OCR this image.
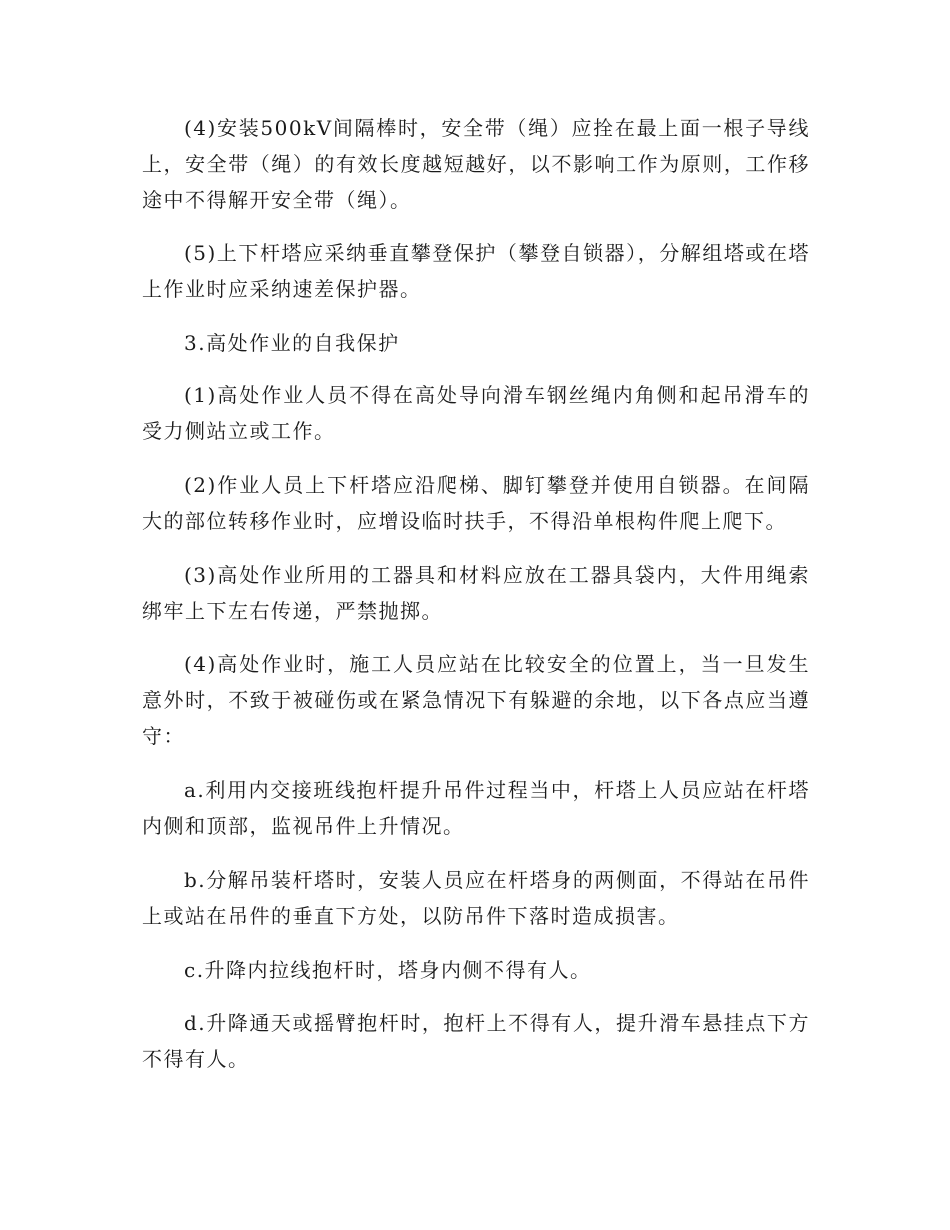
(4)安装500kV间隔棒时，安全带（绳）应拴在最上面一根子导线上，安全带（绳）的有效长度越短越好，以不影响工作为原则，工作移途中不得解开安全带（绳）。

(5)上下杆塔应采纳垂直攀登保护（攀登自锁器），分解组塔或在塔上作业时应采纳速差保护器。

3.高处作业的自我保护

(1)高处作业人员不得在高处导向滑车钢丝绳内角侧和起吊滑车的受力侧站立或工作。

(2)作业人员上下杆塔应沿爬梯、脚钉攀登并使用自锁器。在间隔大的部位转移作业时，应增设临时扶手，不得沿单根构件爬上爬下。

(3)高处作业所用的工器具和材料应放在工器具袋内，大件用绳索绑牢上下左右传递，严禁抛掷。

(4)高处作业时，施工人员应站在比较安全的位置上，当一旦发生意外时，不致于被碰伤或在紧急情况下有躲避的余地，以下各点应当遵守：

a.利用内交接班线抱杆提升吊件过程当中，杆塔上人员应站在杆塔内侧和顶部，监视吊件上升情况。

b.分解吊装杆塔时，安装人员应在杆塔身的两侧面，不得站在吊件上或站在吊件的垂直下方处，以防吊件下落时造成损害。

c.升降内拉线抱杆时，塔身内侧不得有人。

d.升降通天或摇臂抱杆时，抱杆上不得有人，提升滑车悬挂点下方不得有人。
